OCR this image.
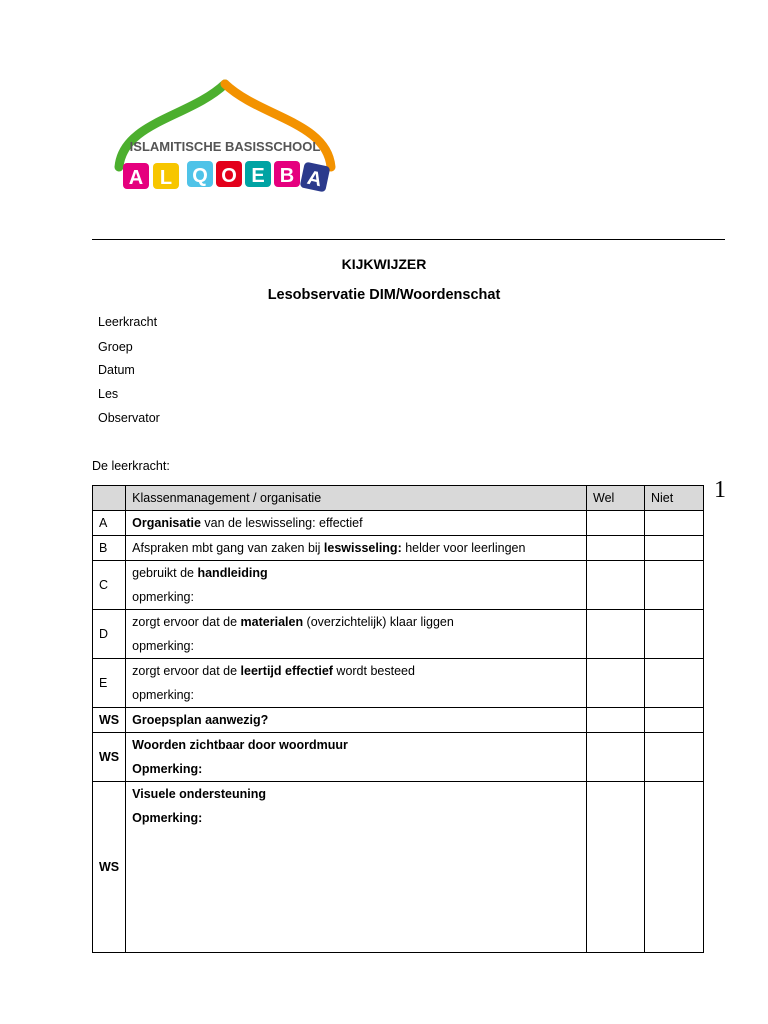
ISLAMITISCHE BASISSCHOOL
A L Q O E B A
KIJKWIJZER
Lesobservatie DIM/Woordenschat
Leerkracht
Groep
Datum
Les
Observator
De leerkracht:
1
	Klassenmanagement / organisatie	Wel	Niet
A	Organisatie van de leswisseling: effectief		
B	Afspraken mbt gang van zaken bij leswisseling: helder voor leerlingen		
C	gebruikt de handleiding
opmerking:		

D	zorgt ervoor dat de materialen (overzichtelijk) klaar liggen
opmerking:		

E	zorgt ervoor dat de leertijd effectief wordt besteed
opmerking:		

WS	Groepsplan aanwezig?		
WS	Woorden zichtbaar door woordmuur
Opmerking:		

WS	Visuele ondersteuning
Opmerking:		
